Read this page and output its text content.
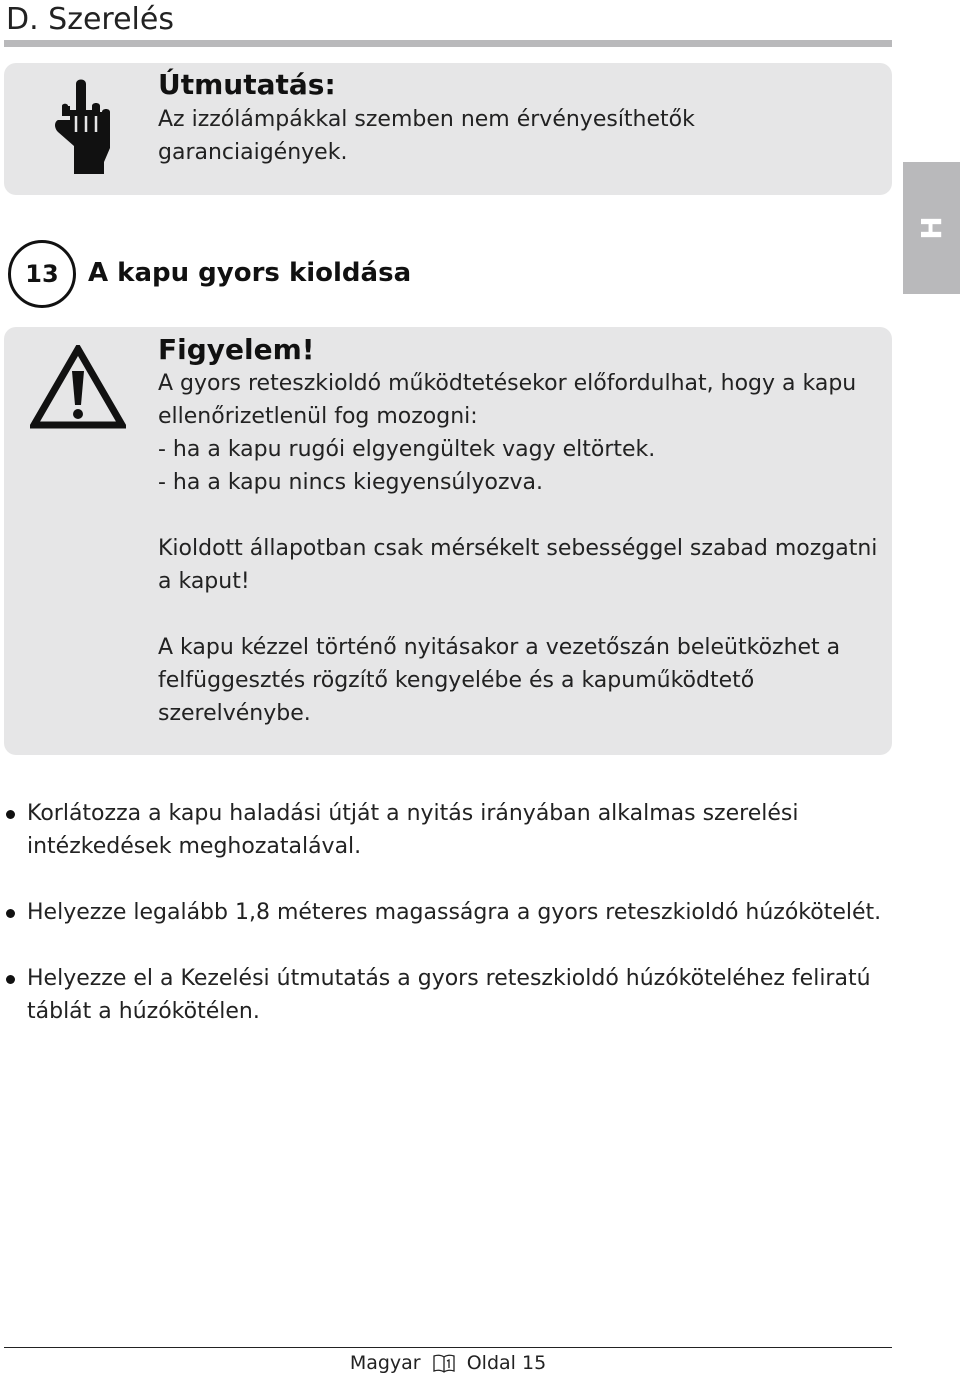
D. Szerelés
H
Útmutatás:

Az izzólámpákkal szemben nem érvényesíthetők garanciaigények.

13	A kapu gyors kioldása
Figyelem!

A gyors reteszkioldó működtetésekor előfordulhat, hogy a kapu

ellenőrizetlenül fog mozogni:

- ha a kapu rugói elgyengültek vagy eltörtek.

- ha a kapu nincs kiegyensúlyozva.

Kioldott állapotban csak mérsékelt sebességgel szabad mozgatni a kaput!

A kapu kézzel történő nyitásakor a vezetőszán beleütközhet a felfüggesztés rögzítő kengyelébe és a kapuműködtető szerelvénybe.

Korlátozza a kapu haladási útját a nyitás irányában alkalmas szerelési intézkedések meghozatalával.
Helyezze legalább 1,8 méteres magasságra a gyors reteszkioldó húzókötelét.
Helyezze el a Kezelési útmutatás a gyors reteszkioldó húzóköteléhez feliratú táblát a húzókötélen.
Magyar Oldal 15
